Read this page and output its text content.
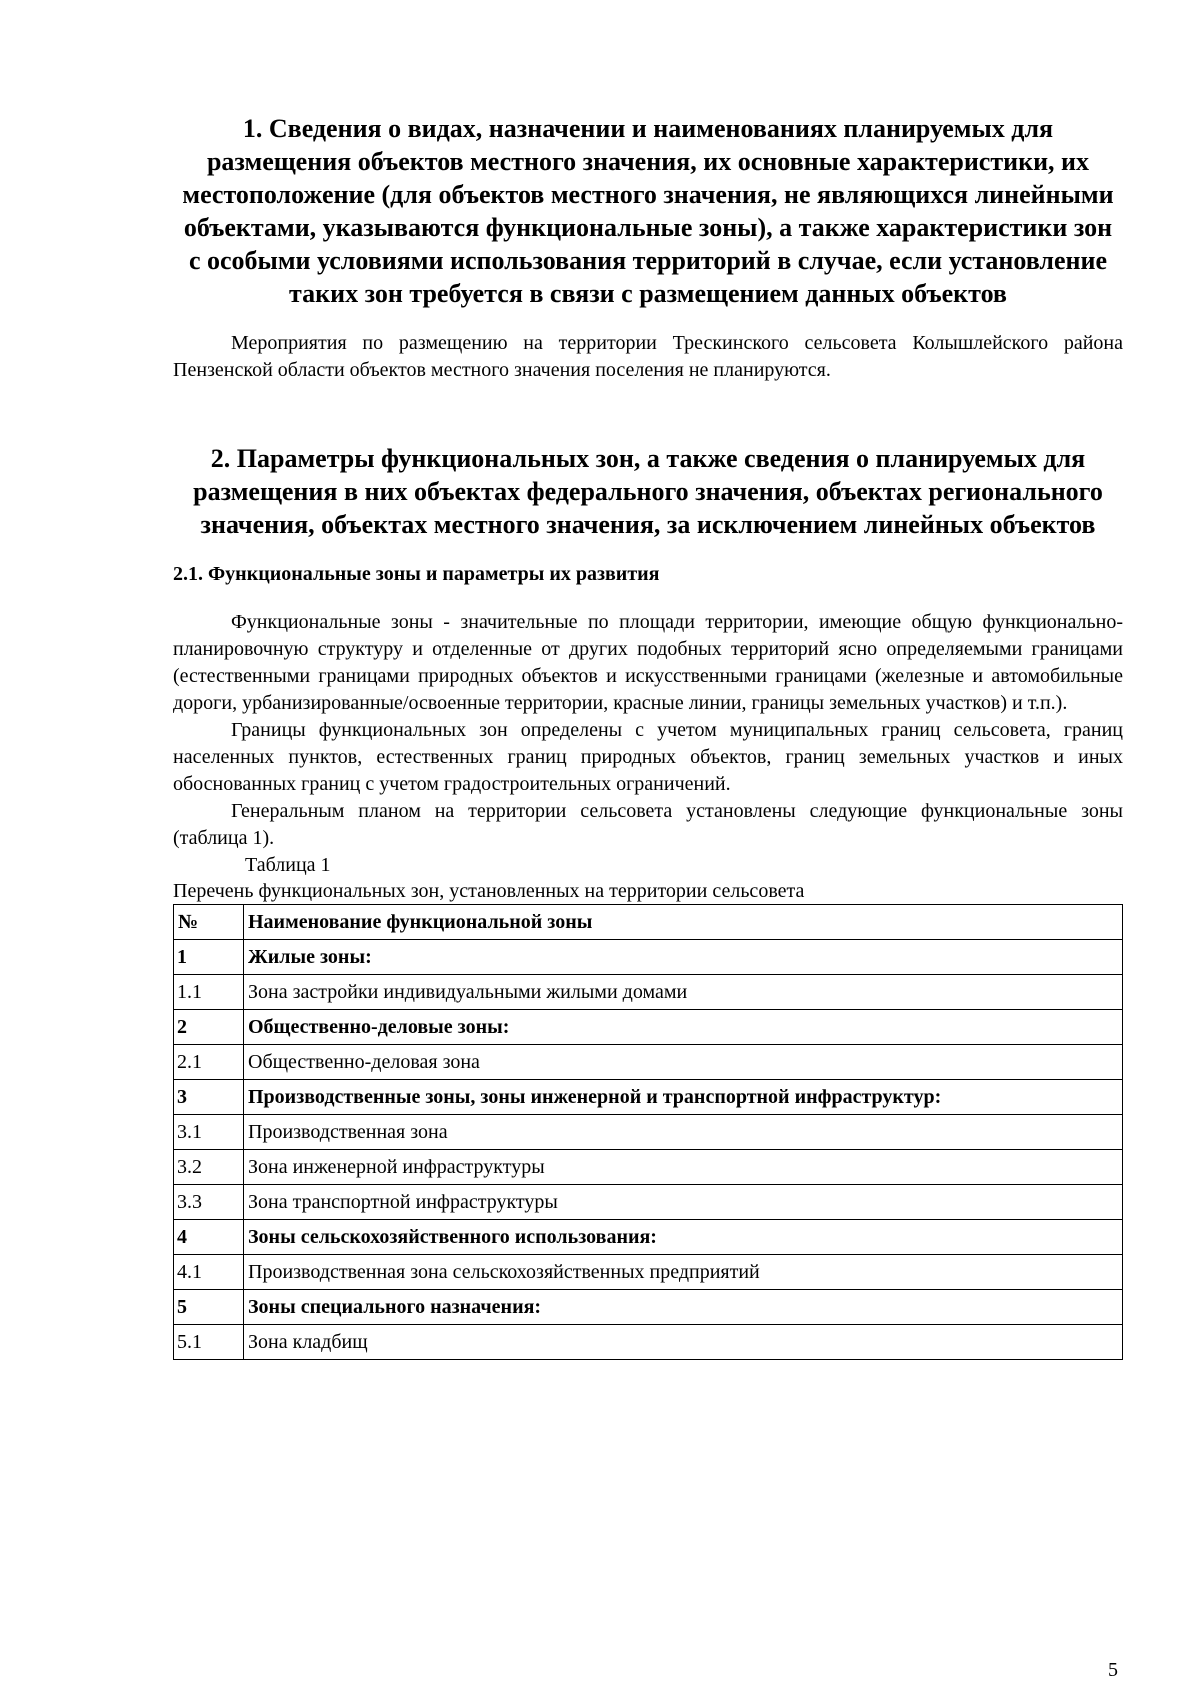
1. Сведения о видах, назначении и наименованиях планируемых для размещения объектов местного значения, их основные характеристики, их местоположение (для объектов местного значения, не являющихся линейными объектами, указываются функциональные зоны), а также характеристики зон с особыми условиями использования территорий в случае, если установление таких зон требуется в связи с размещением данных объектов

Мероприятия по размещению на территории Трескинского сельсовета Колышлейского района Пензенской области объектов местного значения поселения не планируются.

2. Параметры функциональных зон, а также сведения о планируемых для размещения в них объектах федерального значения, объектах регионального значения, объектах местного значения, за исключением линейных объектов
2.1. Функциональные зоны и параметры их развития

Функциональные зоны - значительные по площади территории, имеющие общую функционально-планировочную структуру и отделенные от других подобных территорий ясно определяемыми границами (естественными границами природных объектов и искусственными границами (железные и автомобильные дороги, урбанизированные/освоенные территории, красные линии, границы земельных участков) и т.п.).

Границы функциональных зон определены с учетом муниципальных границ сельсовета, границ населенных пунктов, естественных границ природных объектов, границ земельных участков и иных обоснованных границ с учетом градостроительных ограничений.

Генеральным планом на территории сельсовета установлены следующие функциональные зоны (таблица 1).

Таблица 1

Перечень функциональных зон, установленных на территории сельсовета

№	Наименование функциональной зоны
1	Жилые зоны:
1.1	Зона застройки индивидуальными жилыми домами
2	Общественно-деловые зоны:
2.1	Общественно-деловая зона
3	Производственные зоны, зоны инженерной и транспортной инфраструктур:
3.1	Производственная зона
3.2	Зона инженерной инфраструктуры
3.3	Зона транспортной инфраструктуры
4	Зоны сельскохозяйственного использования:
4.1	Производственная зона сельскохозяйственных предприятий
5	Зоны специального назначения:
5.1	Зона кладбищ
5
